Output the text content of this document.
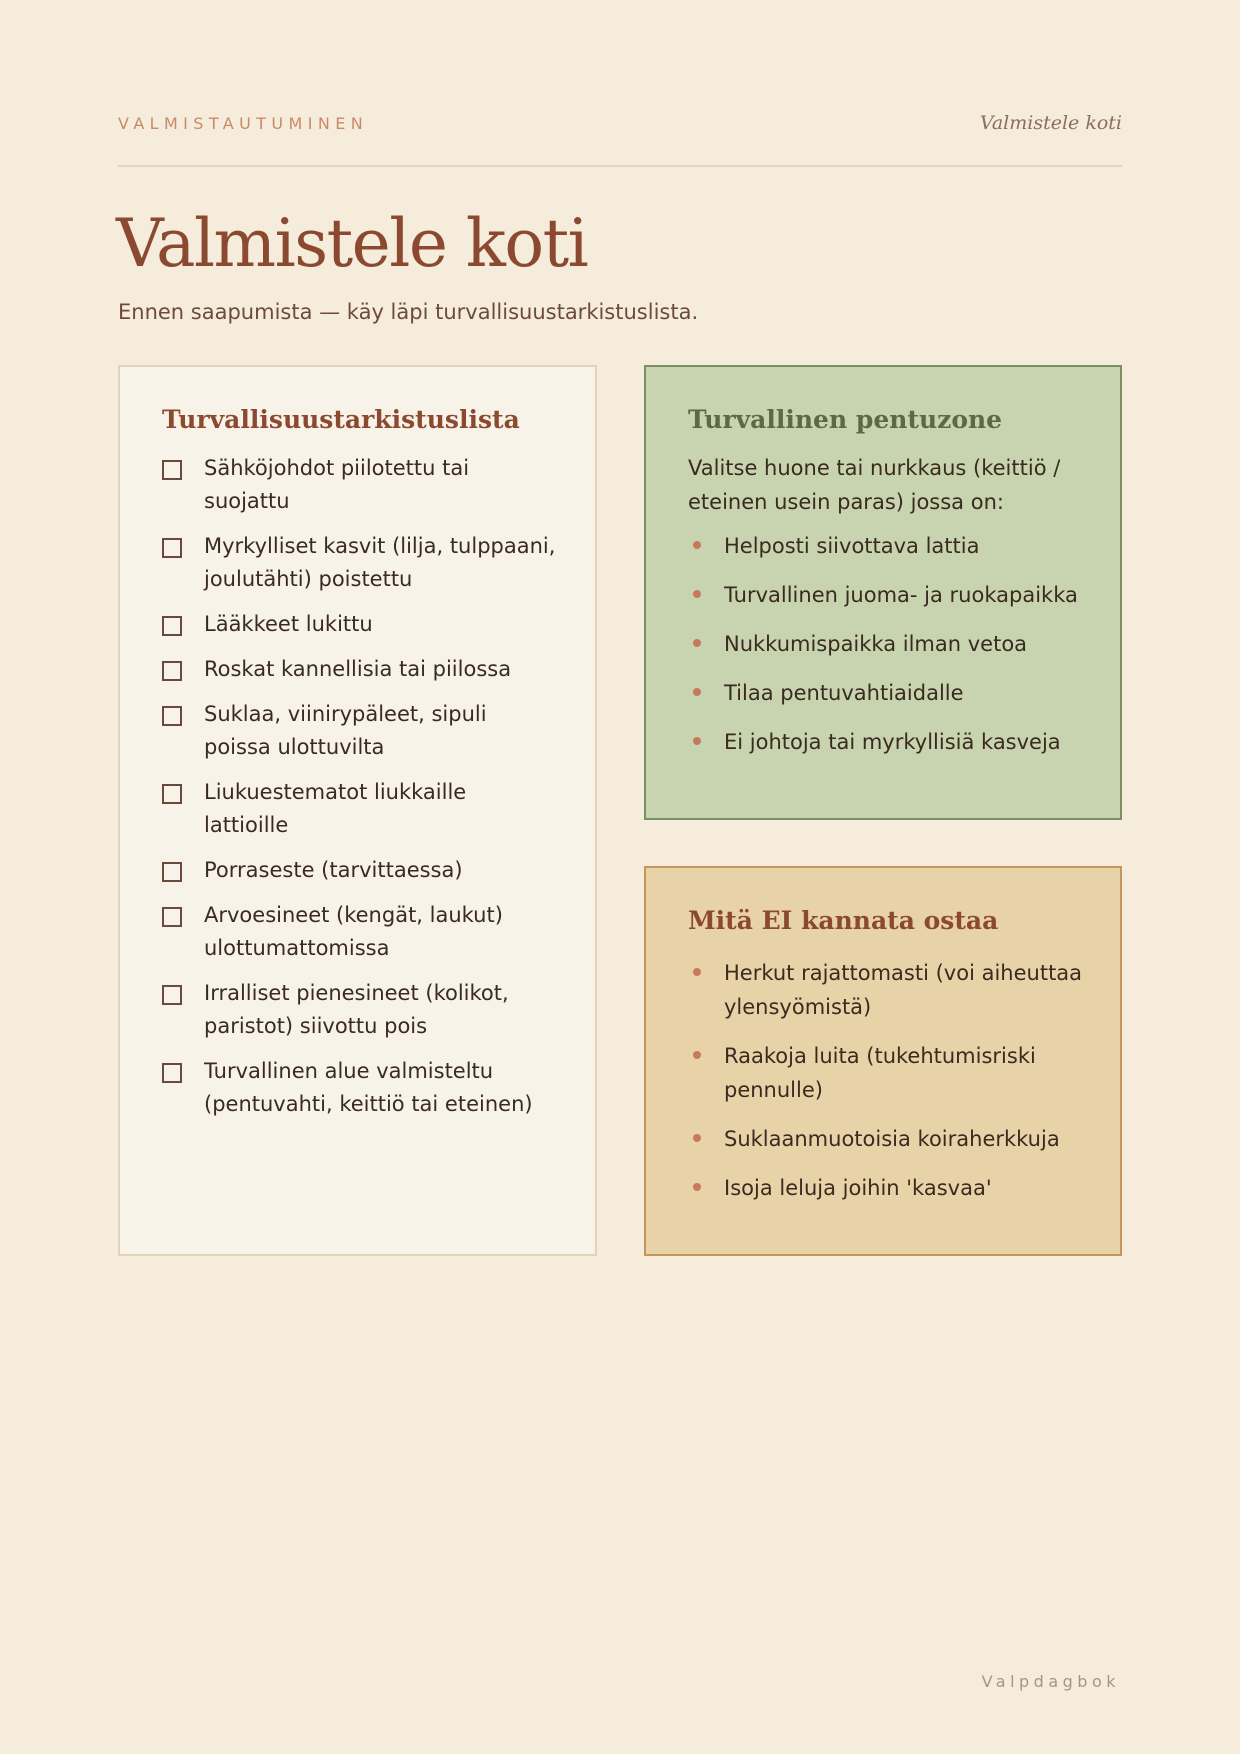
VALMISTAUTUMINEN	Valmistele koti
Valmistele koti
Ennen saapumista — käy läpi turvallisuustarkistuslista.
Turvallisuustarkistuslista
Sähköjohdot piilotettu tai suojattu
Myrkylliset kasvit (lilja, tulppaani, joulutähti) poistettu
Lääkkeet lukittu
Roskat kannellisia tai piilossa
Suklaa, viinirypäleet, sipuli poissa ulottuvilta
Liukuestematot liukkaille lattioille
Porraseste (tarvittaessa)
Arvoesineet (kengät, laukut) ulottumattomissa
Irralliset pienesineet (kolikot, paristot) siivottu pois
Turvallinen alue valmisteltu (pentuvahti, keittiö tai eteinen)
Turvallinen pentuzone

Valitse huone tai nurkkaus (keittiö / eteinen usein paras) jossa on:

Helposti siivottava lattia
Turvallinen juoma- ja ruokapaikka
Nukkumispaikka ilman vetoa
Tilaa pentuvahtiaidalle
Ei johtoja tai myrkyllisiä kasveja
Mitä EI kannata ostaa
Herkut rajattomasti (voi aiheuttaa ylensyömistä)
Raakoja luita (tukehtumisriski pennulle)
Suklaanmuotoisia koiraherkkuja
Isoja leluja joihin 'kasvaa'
Valpdagbok
